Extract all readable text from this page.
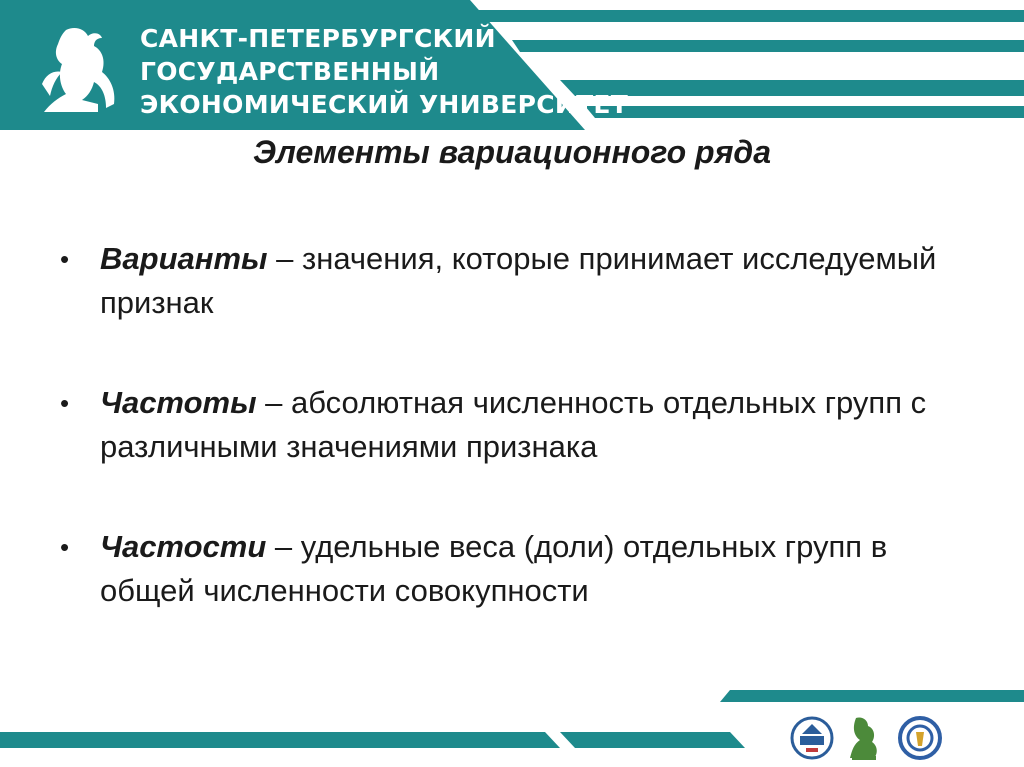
САНКТ-ПЕТЕРБУРГСКИЙ
ГОСУДАРСТВЕННЫЙ
ЭКОНОМИЧЕСКИЙ УНИВЕРСИТЕТ
Элементы вариационного ряда
• Варианты – значения, которые принимает исследуемый признак
• Частоты – абсолютная численность отдельных групп с различными значениями признака
• Частости – удельные веса (доли) отдельных групп в общей численности совокупности
